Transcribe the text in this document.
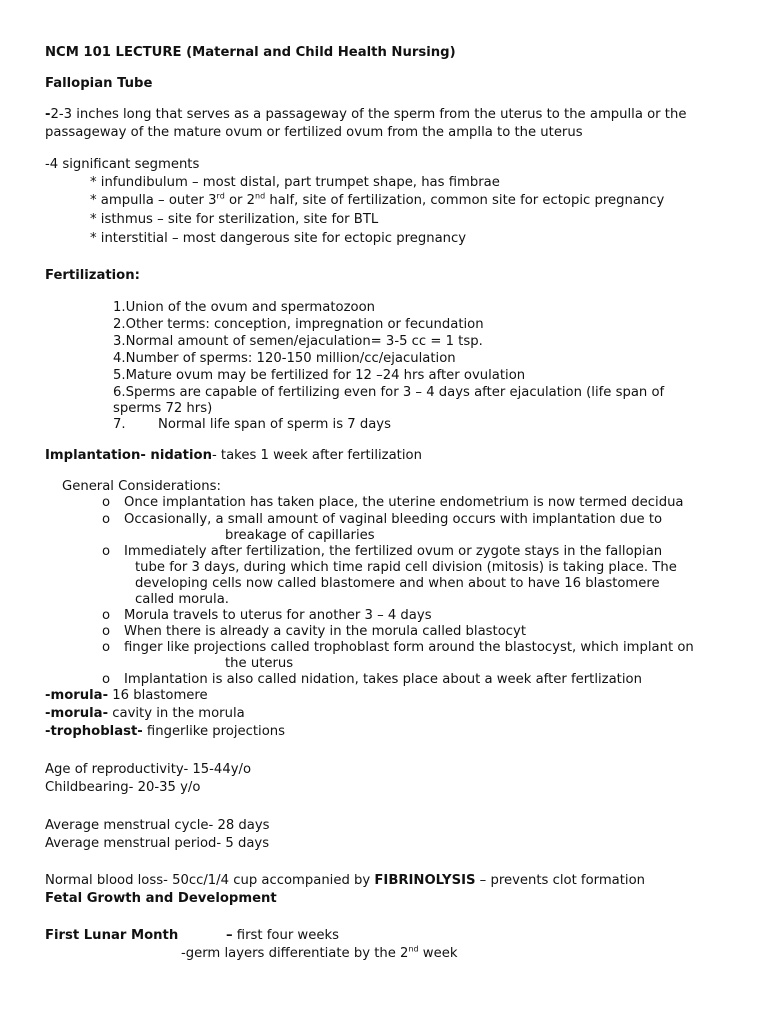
NCM 101 LECTURE (Maternal and Child Health Nursing)
Fallopian Tube
-2-3 inches long that serves as a passageway of the sperm from the uterus to the ampulla or the
passageway of the mature ovum or fertilized ovum from the amplla to the uterus
-4 significant segments
* infundibulum – most distal, part trumpet shape, has fimbrae
* ampulla – outer 3rd or 2nd half, site of fertilization, common site for ectopic pregnancy
* isthmus – site for sterilization, site for BTL
* interstitial – most dangerous site for ectopic pregnancy
Fertilization:
1.Union of the ovum and spermatozoon
2.Other terms: conception, impregnation or fecundation
3.Normal amount of semen/ejaculation= 3-5 cc = 1 tsp.
4.Number of sperms: 120-150 million/cc/ejaculation
5.Mature ovum may be fertilized for 12 –24 hrs after ovulation
6.Sperms are capable of fertilizing even for 3 – 4 days after ejaculation (life span of
sperms 72 hrs)
7. Normal life span of sperm is 7 days
Implantation- nidation- takes 1 week after fertilization
General Considerations:
o Once implantation has taken place, the uterine endometrium is now termed decidua
o Occasionally, a small amount of vaginal bleeding occurs with implantation due to
breakage of capillaries
o Immediately after fertilization, the fertilized ovum or zygote stays in the fallopian
tube for 3 days, during which time rapid cell division (mitosis) is taking place. The
developing cells now called blastomere and when about to have 16 blastomere
called morula.
o Morula travels to uterus for another 3 – 4 days
o When there is already a cavity in the morula called blastocyt
o finger like projections called trophoblast form around the blastocyst, which implant on
the uterus
o Implantation is also called nidation, takes place about a week after fertlization
-morula- 16 blastomere
-morula- cavity in the morula
-trophoblast- fingerlike projections
Age of reproductivity- 15-44y/o
Childbearing- 20-35 y/o
Average menstrual cycle- 28 days
Average menstrual period- 5 days
Normal blood loss- 50cc/1/4 cup accompanied by FIBRINOLYSIS – prevents clot formation
Fetal Growth and Development
First Lunar Month	– first four weeks
-germ layers differentiate by the 2nd week
